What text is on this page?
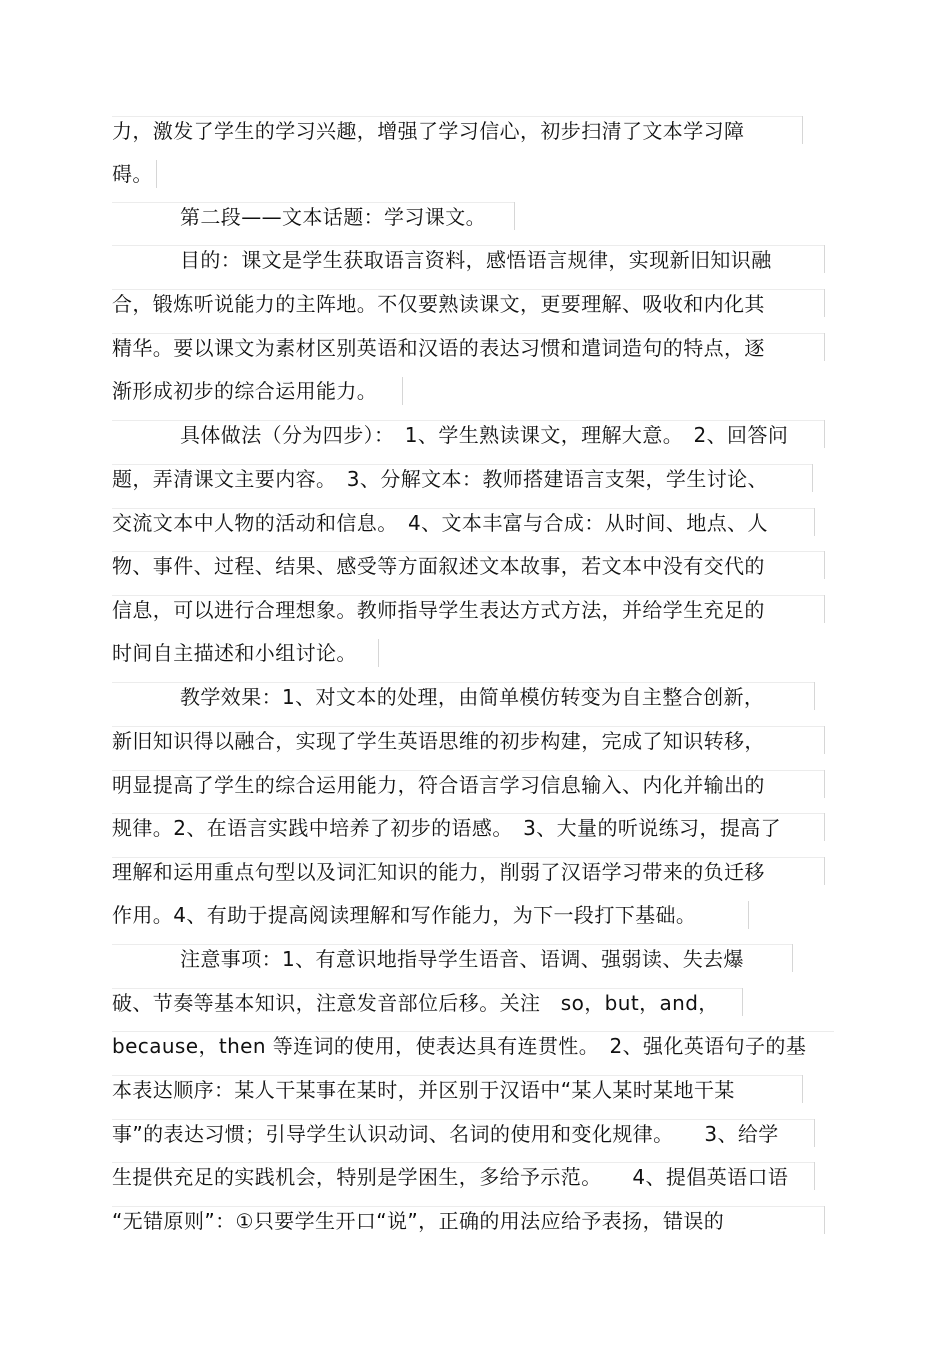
力，激发了学生的学习兴趣，增强了学习信心，初步扫清了文本学习障
碍。
第二段——文本话题：学习课文。
目的：课文是学生获取语言资料，感悟语言规律，实现新旧知识融
合，锻炼听说能力的主阵地。不仅要熟读课文，更要理解、吸收和内化其
精华。要以课文为素材区别英语和汉语的表达习惯和遣词造句的特点，逐
渐形成初步的综合运用能力。
具体做法（分为四步）：　1、学生熟读课文，理解大意。　2、回答问
题，弄清课文主要内容。　3、分解文本：教师搭建语言支架，学生讨论、
交流文本中人物的活动和信息。　4、文本丰富与合成：从时间、地点、人
物、事件、过程、结果、感受等方面叙述文本故事，若文本中没有交代的
信息，可以进行合理想象。教师指导学生表达方式方法，并给学生充足的
时间自主描述和小组讨论。
教学效果：1、对文本的处理，由简单模仿转变为自主整合创新，
新旧知识得以融合，实现了学生英语思维的初步构建，完成了知识转移，
明显提高了学生的综合运用能力，符合语言学习信息输入、内化并输出的
规律。2、在语言实践中培养了初步的语感。　3、大量的听说练习，提高了
理解和运用重点句型以及词汇知识的能力，削弱了汉语学习带来的负迁移
作用。4、有助于提高阅读理解和写作能力，为下一段打下基础。
注意事项：1、有意识地指导学生语音、语调、强弱读、失去爆
破、节奏等基本知识，注意发音部位后移。关注　so，but，and，
because，then 等连词的使用，使表达具有连贯性。　2、强化英语句子的基
本表达顺序：某人干某事在某时，并区别于汉语中“某人某时某地干某
事”的表达习惯；引导学生认识动词、名词的使用和变化规律。　　3、给学
生提供充足的实践机会，特别是学困生，多给予示范。　　4、提倡英语口语
“无错原则”：①只要学生开口“说”，正确的用法应给予表扬，错误的
